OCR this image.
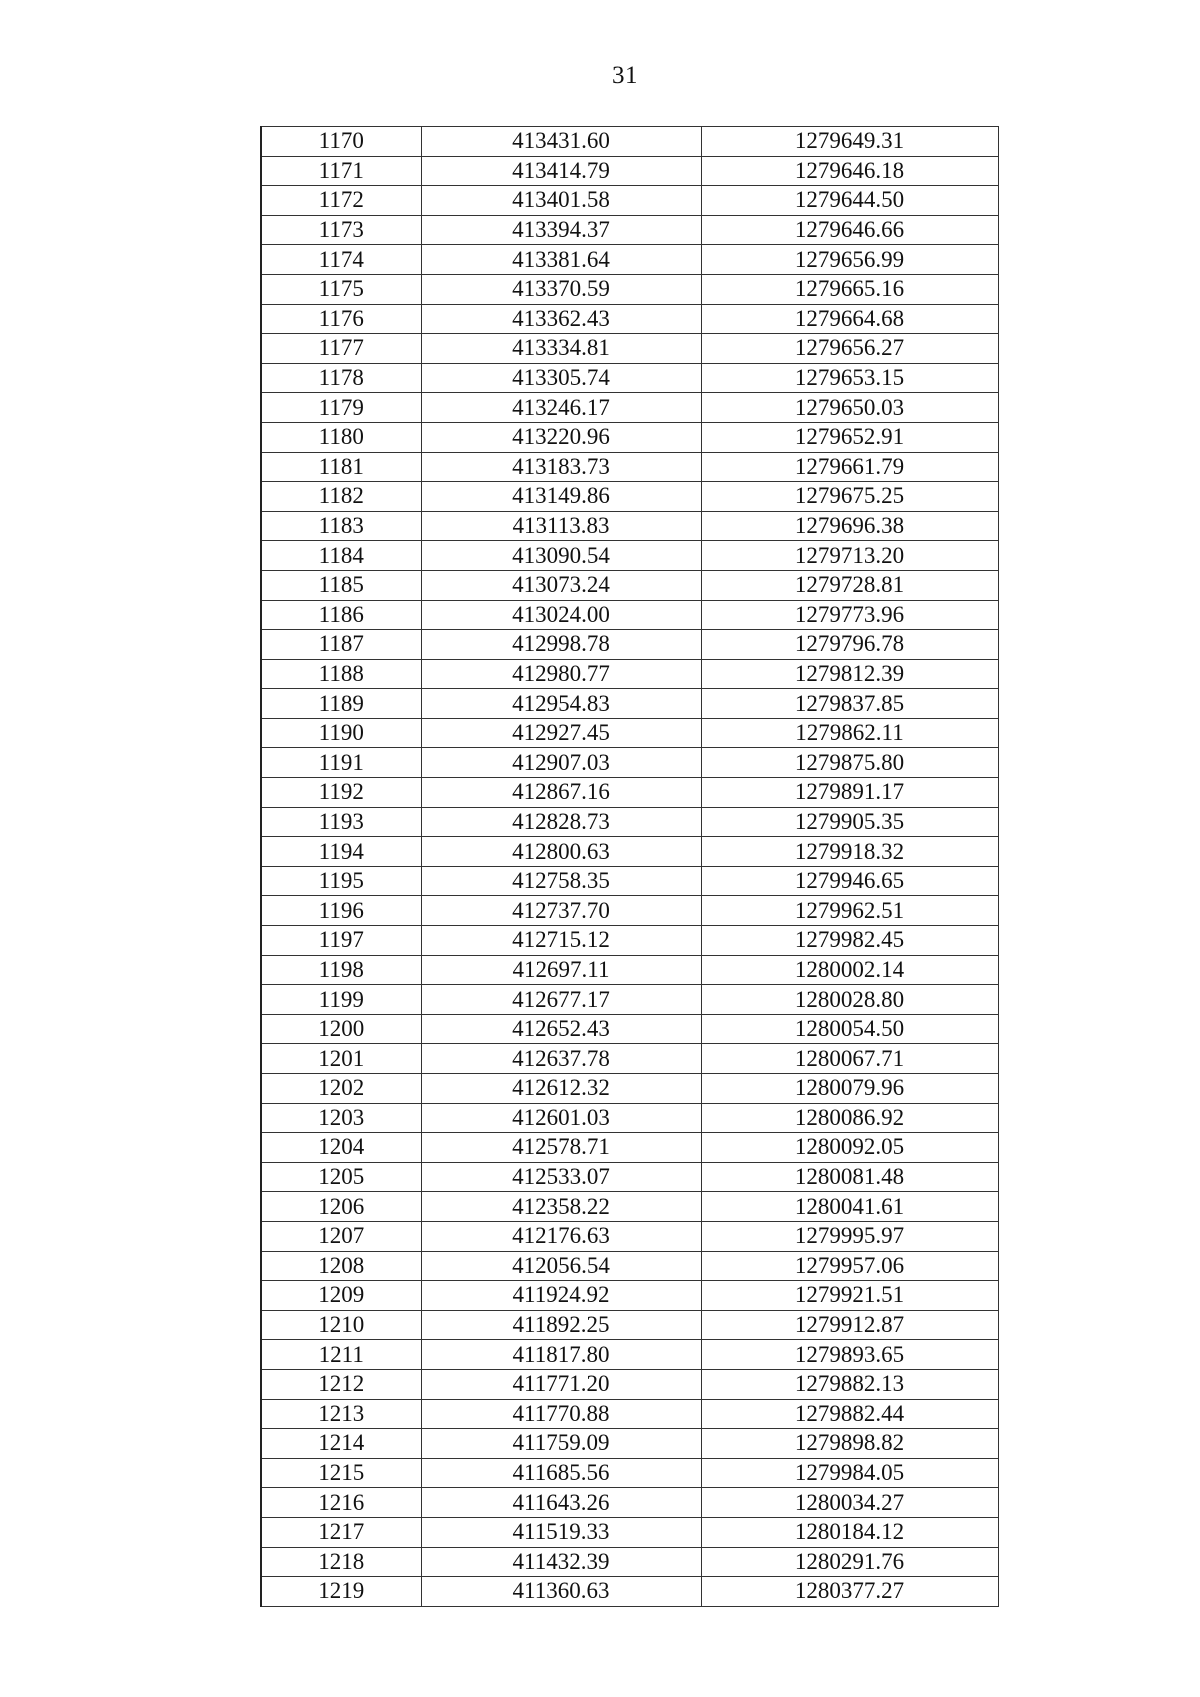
31
1170	413431.60	1279649.31
1171	413414.79	1279646.18
1172	413401.58	1279644.50
1173	413394.37	1279646.66
1174	413381.64	1279656.99
1175	413370.59	1279665.16
1176	413362.43	1279664.68
1177	413334.81	1279656.27
1178	413305.74	1279653.15
1179	413246.17	1279650.03
1180	413220.96	1279652.91
1181	413183.73	1279661.79
1182	413149.86	1279675.25
1183	413113.83	1279696.38
1184	413090.54	1279713.20
1185	413073.24	1279728.81
1186	413024.00	1279773.96
1187	412998.78	1279796.78
1188	412980.77	1279812.39
1189	412954.83	1279837.85
1190	412927.45	1279862.11
1191	412907.03	1279875.80
1192	412867.16	1279891.17
1193	412828.73	1279905.35
1194	412800.63	1279918.32
1195	412758.35	1279946.65
1196	412737.70	1279962.51
1197	412715.12	1279982.45
1198	412697.11	1280002.14
1199	412677.17	1280028.80
1200	412652.43	1280054.50
1201	412637.78	1280067.71
1202	412612.32	1280079.96
1203	412601.03	1280086.92
1204	412578.71	1280092.05
1205	412533.07	1280081.48
1206	412358.22	1280041.61
1207	412176.63	1279995.97
1208	412056.54	1279957.06
1209	411924.92	1279921.51
1210	411892.25	1279912.87
1211	411817.80	1279893.65
1212	411771.20	1279882.13
1213	411770.88	1279882.44
1214	411759.09	1279898.82
1215	411685.56	1279984.05
1216	411643.26	1280034.27
1217	411519.33	1280184.12
1218	411432.39	1280291.76
1219	411360.63	1280377.27
